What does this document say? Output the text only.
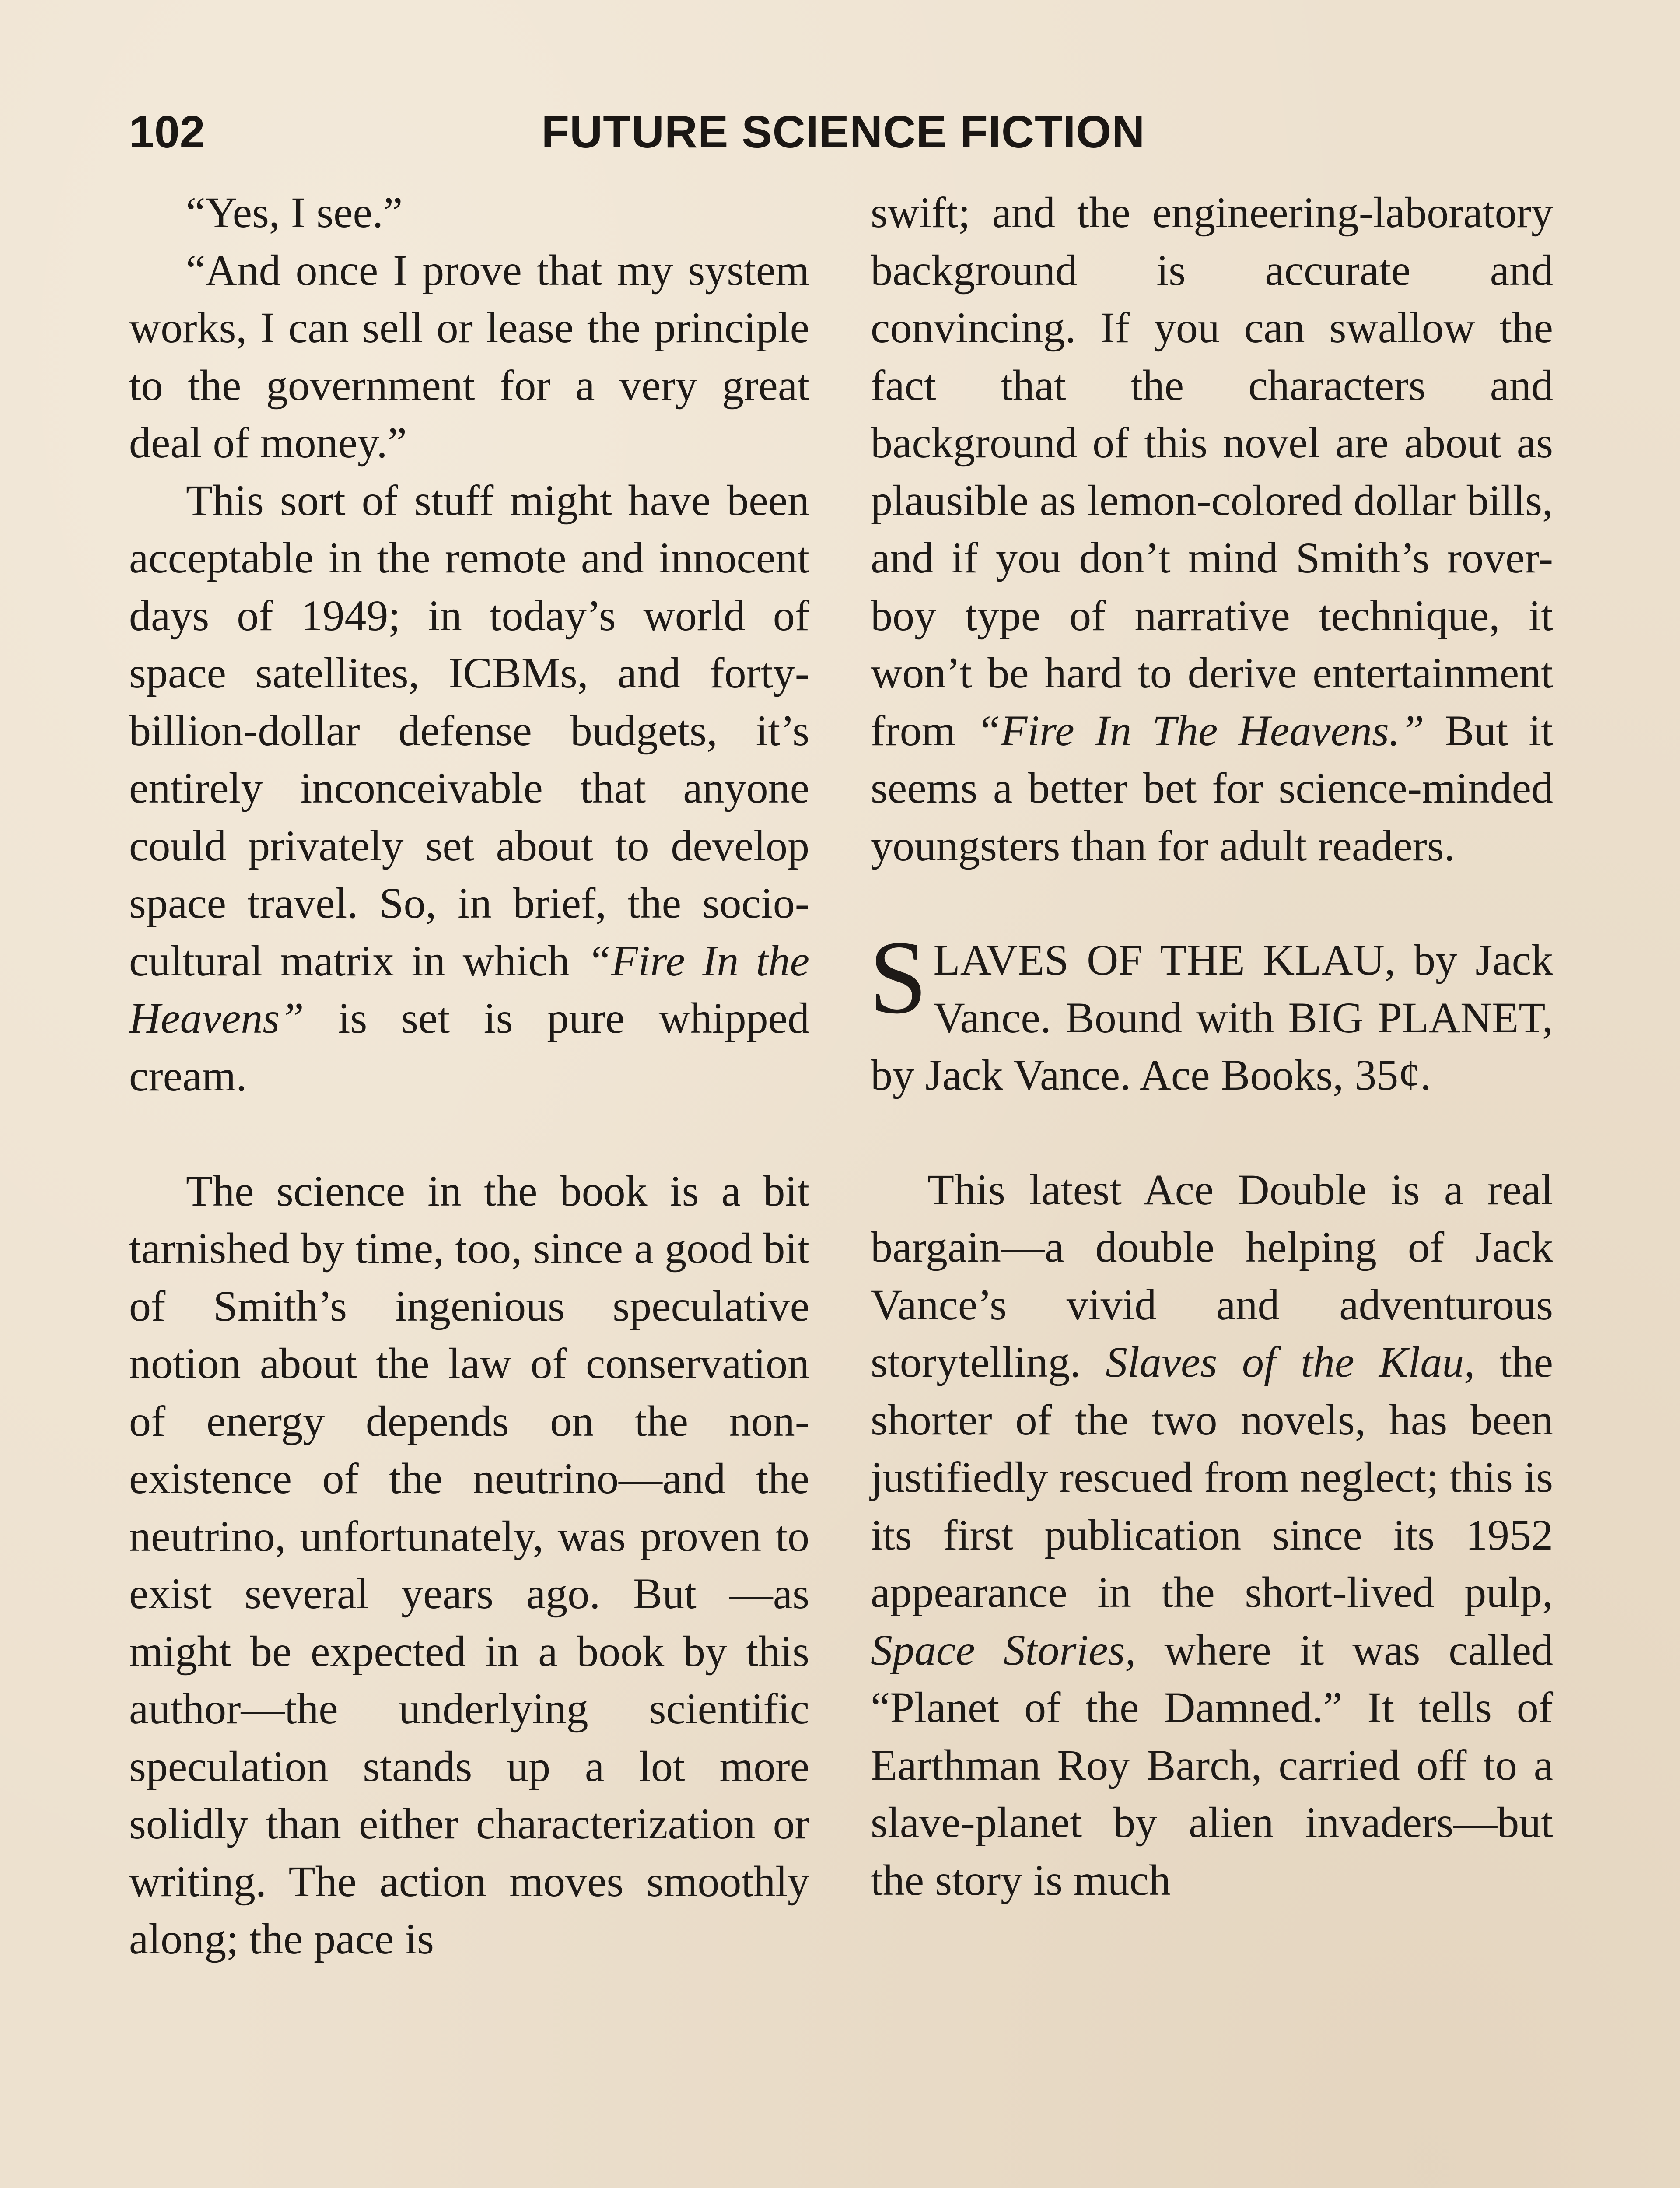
102	FUTURE SCIENCE FICTION

“Yes, I see.”

“And once I prove that my system works, I can sell or lease the principle to the government for a very great deal of money.”

This sort of stuff might have been acceptable in the remote and innocent days of 1949; in today’s world of space satellites, ICBMs, and forty-billion-dollar defense budgets, it’s entirely inconceivable that anyone could privately set about to develop space travel. So, in brief, the socio-cultural matrix in which “Fire In the Heavens” is set is pure whipped cream.

The science in the book is a bit tarnished by time, too, since a good bit of Smith’s ingenious speculative notion about the law of conservation of energy depends on the non-existence of the neutrino—and the neutrino, unfortunately, was proven to exist several years ago. But —as might be expected in a book by this author—the underlying scientific speculation stands up a lot more solidly than either characterization or writing. The action moves smoothly along; the pace is

swift; and the engineering-laboratory background is accurate and convincing. If you can swallow the fact that the characters and background of this novel are about as plausible as lemon-colored dollar bills, and if you don’t mind Smith’s rover-boy type of narrative technique, it won’t be hard to derive entertainment from “Fire In The Heavens.” But it seems a better bet for science-minded youngsters than for adult readers.

SLAVES OF THE KLAU, by Jack Vance. Bound with BIG PLANET, by Jack Vance. Ace Books, 35¢.

This latest Ace Double is a real bargain—a double helping of Jack Vance’s vivid and adventurous storytelling. Slaves of the Klau, the shorter of the two novels, has been justifiedly rescued from neglect; this is its first publication since its 1952 appearance in the short-lived pulp, Space Stories, where it was called “Planet of the Damned.” It tells of Earthman Roy Barch, carried off to a slave-planet by alien invaders—but the story is much
